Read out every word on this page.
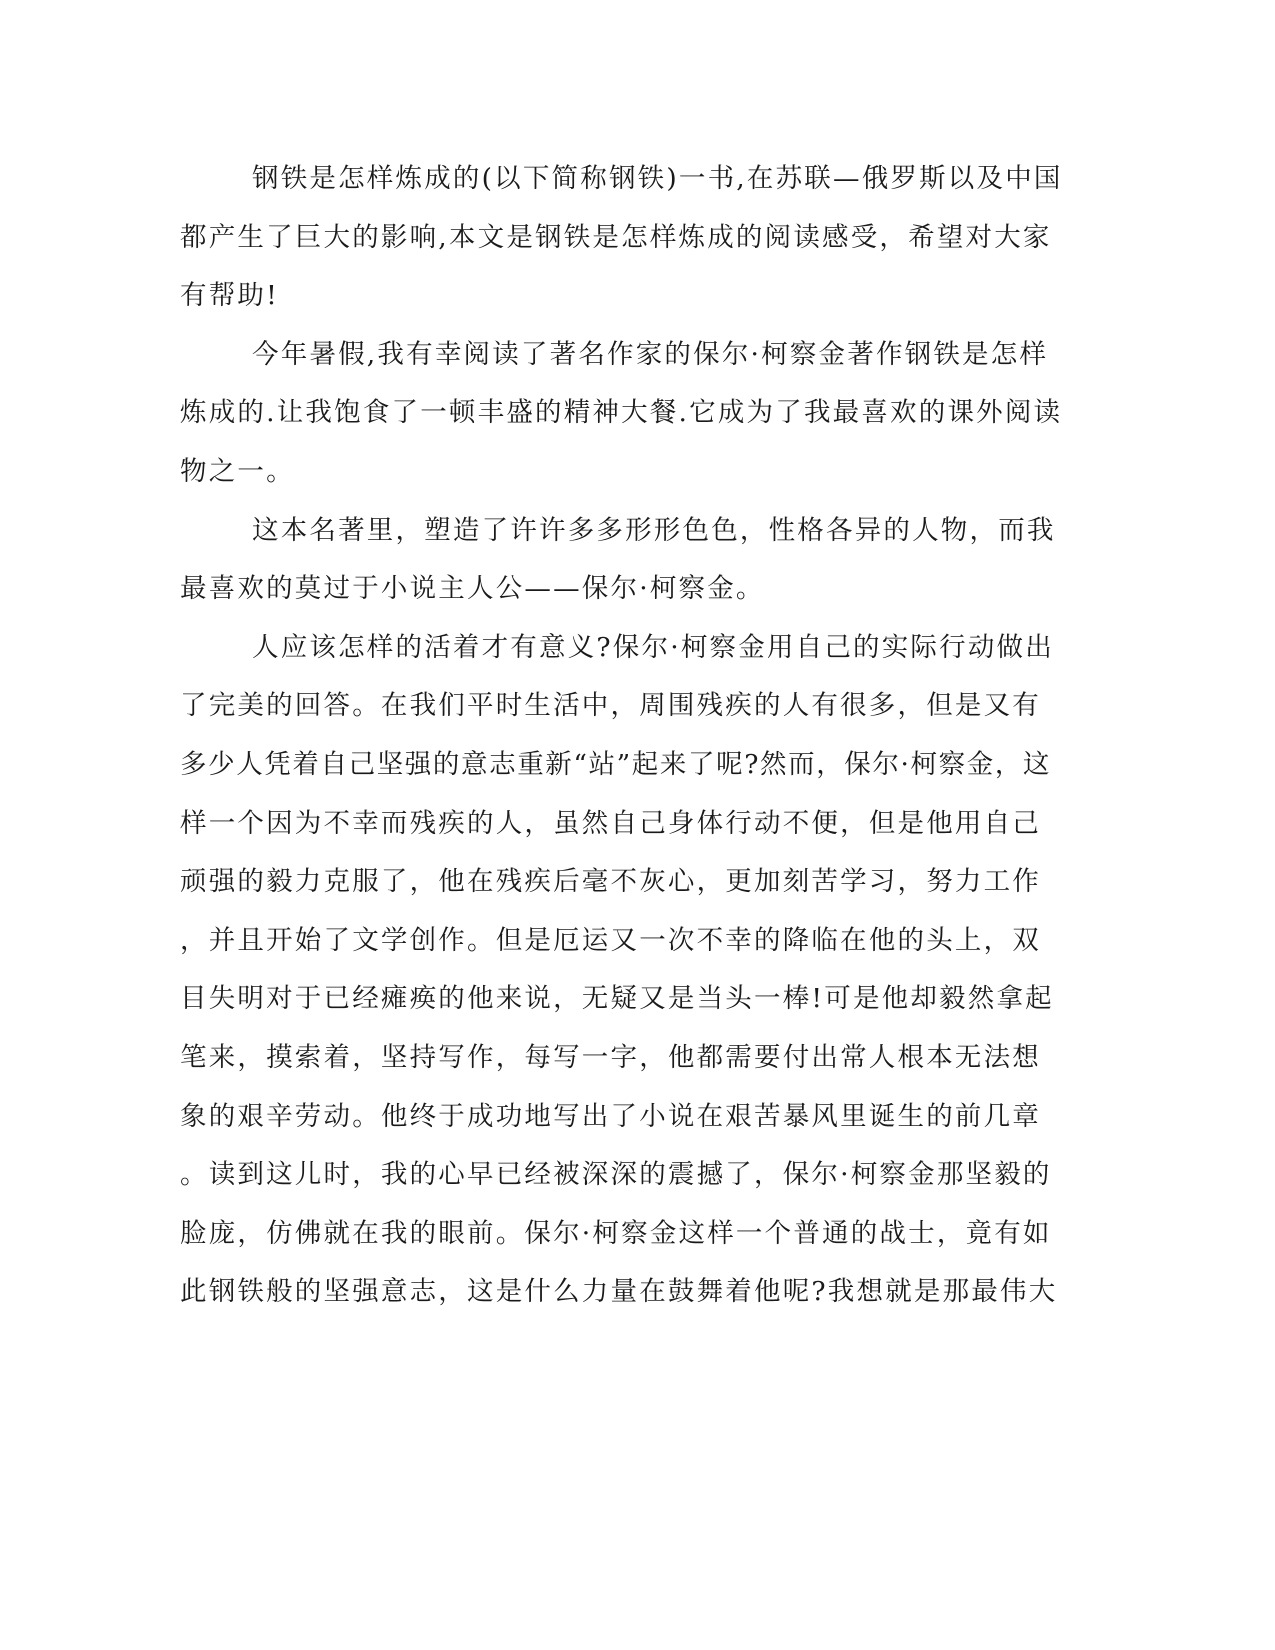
钢铁是怎样炼成的(以下简称钢铁)一书,在苏联—俄罗斯以及中国
都产生了巨大的影响,本文是钢铁是怎样炼成的阅读感受，希望对大家
有帮助!
今年暑假,我有幸阅读了著名作家的保尔·柯察金著作钢铁是怎样
炼成的.让我饱食了一顿丰盛的精神大餐.它成为了我最喜欢的课外阅读
物之一。
这本名著里，塑造了许许多多形形色色，性格各异的人物，而我
最喜欢的莫过于小说主人公——保尔·柯察金。
人应该怎样的活着才有意义?保尔·柯察金用自己的实际行动做出
了完美的回答。在我们平时生活中，周围残疾的人有很多，但是又有
多少人凭着自己坚强的意志重新“站”起来了呢?然而，保尔·柯察金，这
样一个因为不幸而残疾的人，虽然自己身体行动不便，但是他用自己
顽强的毅力克服了，他在残疾后毫不灰心，更加刻苦学习，努力工作
，并且开始了文学创作。但是厄运又一次不幸的降临在他的头上，双
目失明对于已经瘫痪的他来说，无疑又是当头一棒!可是他却毅然拿起
笔来，摸索着，坚持写作，每写一字，他都需要付出常人根本无法想
象的艰辛劳动。他终于成功地写出了小说在艰苦暴风里诞生的前几章
。读到这儿时，我的心早已经被深深的震撼了，保尔·柯察金那坚毅的
脸庞，仿佛就在我的眼前。保尔·柯察金这样一个普通的战士，竟有如
此钢铁般的坚强意志，这是什么力量在鼓舞着他呢?我想就是那最伟大
